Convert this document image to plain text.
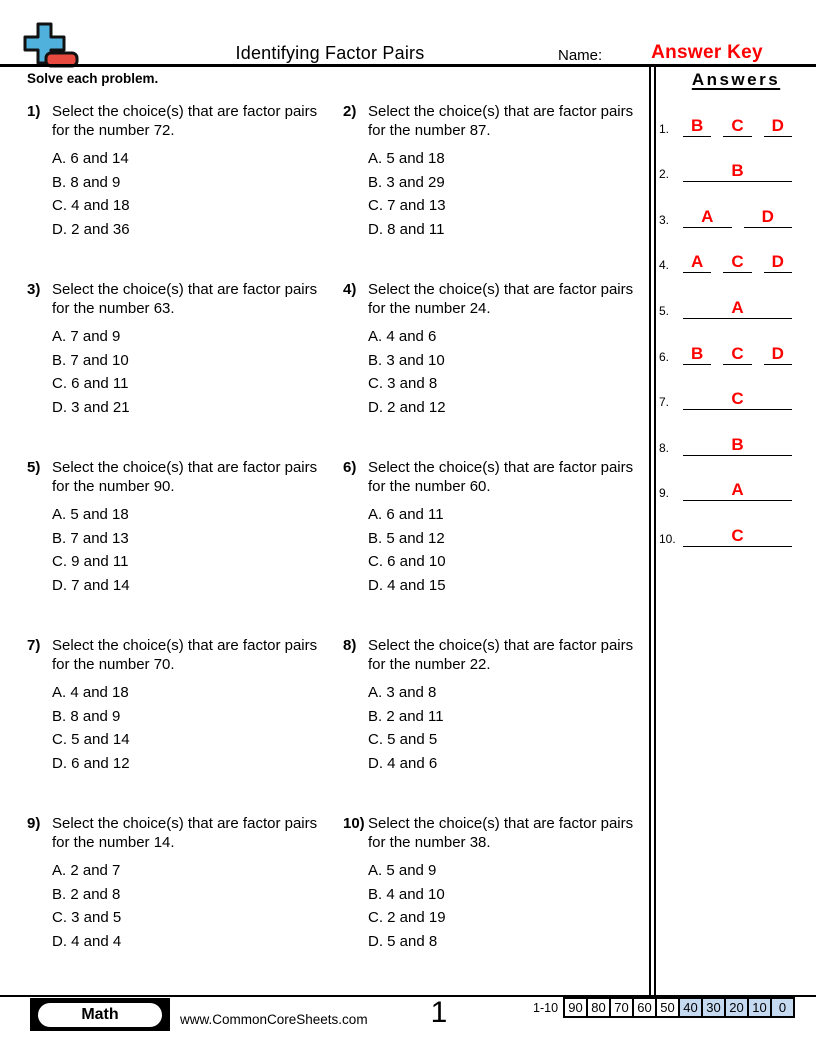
Identifying Factor Pairs	Name:	Answer Key
Solve each problem.
1) Select the choice(s) that are factor pairs for the number 72.
A. 6 and 14
B. 8 and 9
C. 4 and 18
D. 2 and 36
2) Select the choice(s) that are factor pairs for the number 87.
A. 5 and 18
B. 3 and 29
C. 7 and 13
D. 8 and 11
3) Select the choice(s) that are factor pairs for the number 63.
A. 7 and 9
B. 7 and 10
C. 6 and 11
D. 3 and 21
4) Select the choice(s) that are factor pairs for the number 24.
A. 4 and 6
B. 3 and 10
C. 3 and 8
D. 2 and 12
5) Select the choice(s) that are factor pairs for the number 90.
A. 5 and 18
B. 7 and 13
C. 9 and 11
D. 7 and 14
6) Select the choice(s) that are factor pairs for the number 60.
A. 6 and 11
B. 5 and 12
C. 6 and 10
D. 4 and 15
7) Select the choice(s) that are factor pairs for the number 70.
A. 4 and 18
B. 8 and 9
C. 5 and 14
D. 6 and 12
8) Select the choice(s) that are factor pairs for the number 22.
A. 3 and 8
B. 2 and 11
C. 5 and 5
D. 4 and 6
9) Select the choice(s) that are factor pairs for the number 14.
A. 2 and 7
B. 2 and 8
C. 3 and 5
D. 4 and 4
10) Select the choice(s) that are factor pairs for the number 38.
A. 5 and 9
B. 4 and 10
C. 2 and 19
D. 5 and 8
Answers
1.	B	C	D
2.	B
3.	A	D
4.	A	C	D
5.	A
6.	B	C	D
7.	C
8.	B
9.	A
10.	C
Math	www.CommonCoreSheets.com	1	1-10 90 80 70 60 50 40 30 20 10 0
